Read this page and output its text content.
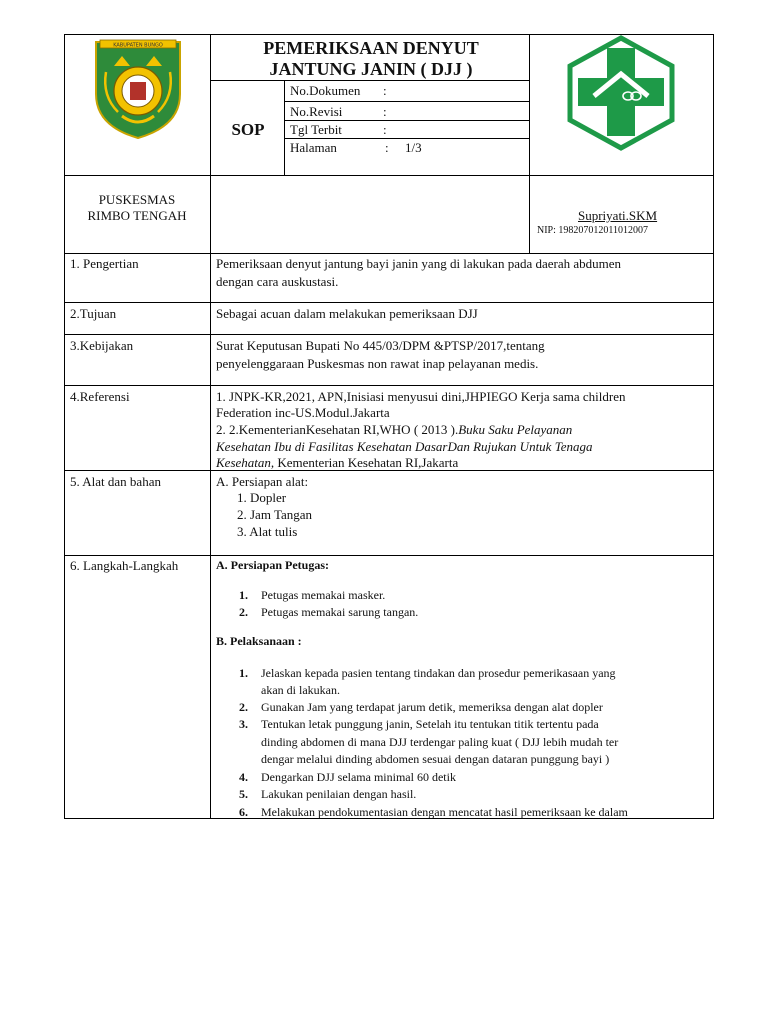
KABUPATEN BUNGO	PEMERIKSAAN DENYUT
JANTUNG JANIN ( DJJ )
SOP
No.Dokumen :
No.Revisi	:
Tgl Terbit	:
Halaman	: 1/3
PUSKESMAS
RIMBO TENGAH	Supriyati.SKM
NIP: 198207012011012007
1. Pengertian	Pemeriksaan denyut jantung bayi janin yang di lakukan pada daerah abdumen
dengan cara auskustasi.
2.Tujuan	Sebagai acuan dalam melakukan pemeriksaan DJJ
3.Kebijakan	Surat Keputusan Bupati No 445/03/DPM &PTSP/2017,tentang
penyelenggaraan Puskesmas non rawat inap pelayanan medis.
4.Referensi	1. JNPK-KR,2021, APN,Inisiasi menyusui dini,JHPIEGO Kerja sama children
Federation inc-US.Modul.Jakarta
2. 2.KementerianKesehatan RI,WHO ( 2013 ).Buku Saku Pelayanan
Kesehatan Ibu di Fasilitas Kesehatan DasarDan Rujukan Untuk Tenaga
Kesehatan, Kementerian Kesehatan RI,Jakarta
5. Alat dan bahan	A. Persiapan alat:
1. Dopler
2. Jam Tangan
3. Alat tulis
6. Langkah-Langkah	A. Persiapan Petugas:
1. Petugas memakai masker.
2. Petugas memakai sarung tangan.
B. Pelaksanaan :
1. Jelaskan kepada pasien tentang tindakan dan prosedur pemerikasaan yang
akan di lakukan.
2. Gunakan Jam yang terdapat jarum detik, memeriksa dengan alat dopler
3. Tentukan letak punggung janin, Setelah itu tentukan titik tertentu pada
dinding abdomen di mana DJJ terdengar paling kuat ( DJJ lebih mudah ter
dengar melalui dinding abdomen sesuai dengan dataran punggung bayi )
4. Dengarkan DJJ selama minimal 60 detik
5. Lakukan penilaian dengan hasil.
6. Melakukan pendokumentasian dengan mencatat hasil pemeriksaan ke dalam
